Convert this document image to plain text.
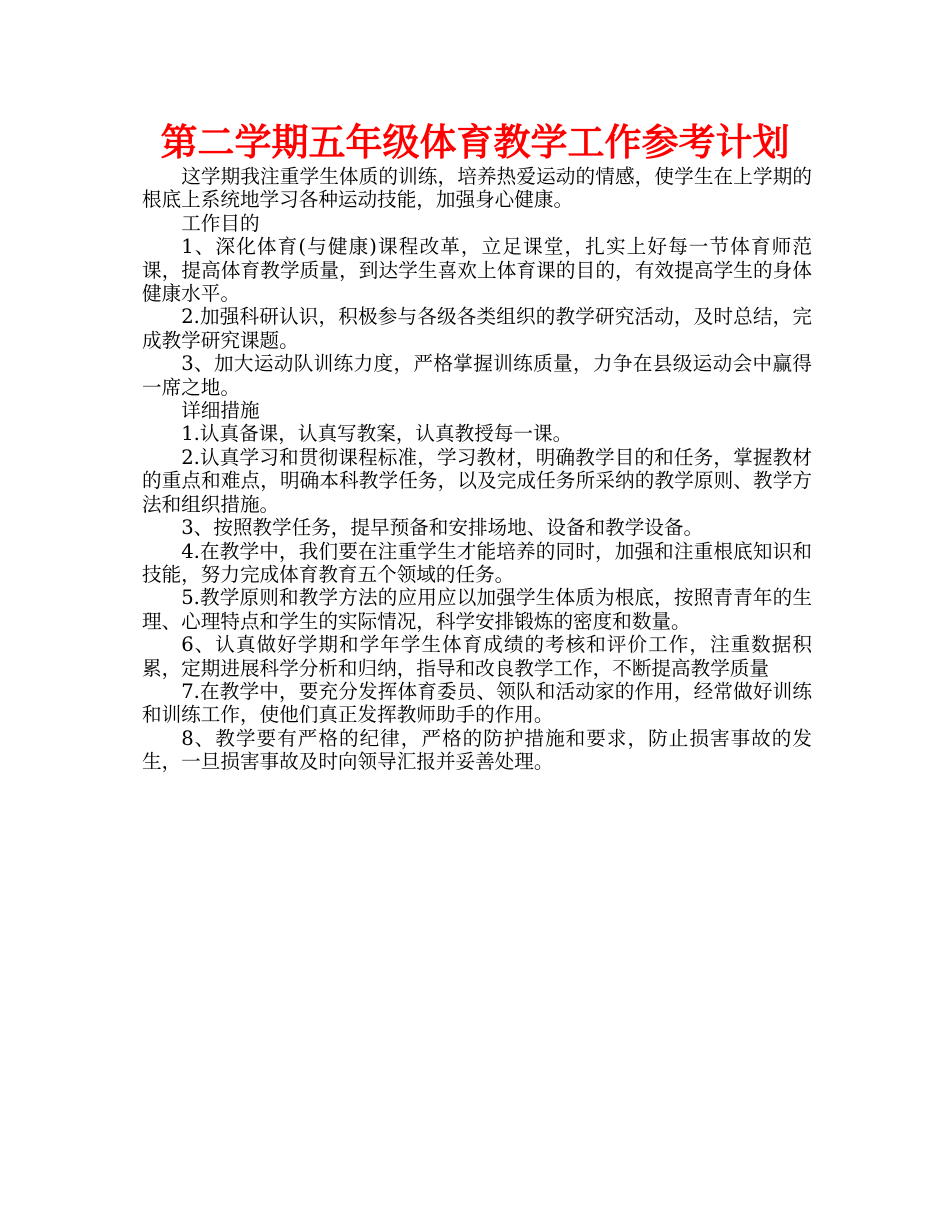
第二学期五年级体育教学工作参考计划

这学期我注重学生体质的训练，培养热爱运动的情感，使学生在上学期的根底上系统地学习各种运动技能，加强身心健康。

工作目的

1、深化体育(与健康)课程改革，立足课堂，扎实上好每一节体育师范课，提高体育教学质量，到达学生喜欢上体育课的目的，有效提高学生的身体健康水平。

2.加强科研认识，积极参与各级各类组织的教学研究活动，及时总结，完成教学研究课题。

3、加大运动队训练力度，严格掌握训练质量，力争在县级运动会中赢得一席之地。

详细措施

1.认真备课，认真写教案，认真教授每一课。

2.认真学习和贯彻课程标准，学习教材，明确教学目的和任务，掌握教材的重点和难点，明确本科教学任务，以及完成任务所采纳的教学原则、教学方法和组织措施。

3、按照教学任务，提早预备和安排场地、设备和教学设备。

4.在教学中，我们要在注重学生才能培养的同时，加强和注重根底知识和技能，努力完成体育教育五个领域的任务。

5.教学原则和教学方法的应用应以加强学生体质为根底，按照青青年的生理、心理特点和学生的实际情况，科学安排锻炼的密度和数量。

6、认真做好学期和学年学生体育成绩的考核和评价工作，注重数据积累，定期进展科学分析和归纳，指导和改良教学工作，不断提高教学质量

7.在教学中，要充分发挥体育委员、领队和活动家的作用，经常做好训练和训练工作，使他们真正发挥教师助手的作用。

8、教学要有严格的纪律，严格的防护措施和要求，防止损害事故的发生，一旦损害事故及时向领导汇报并妥善处理。
